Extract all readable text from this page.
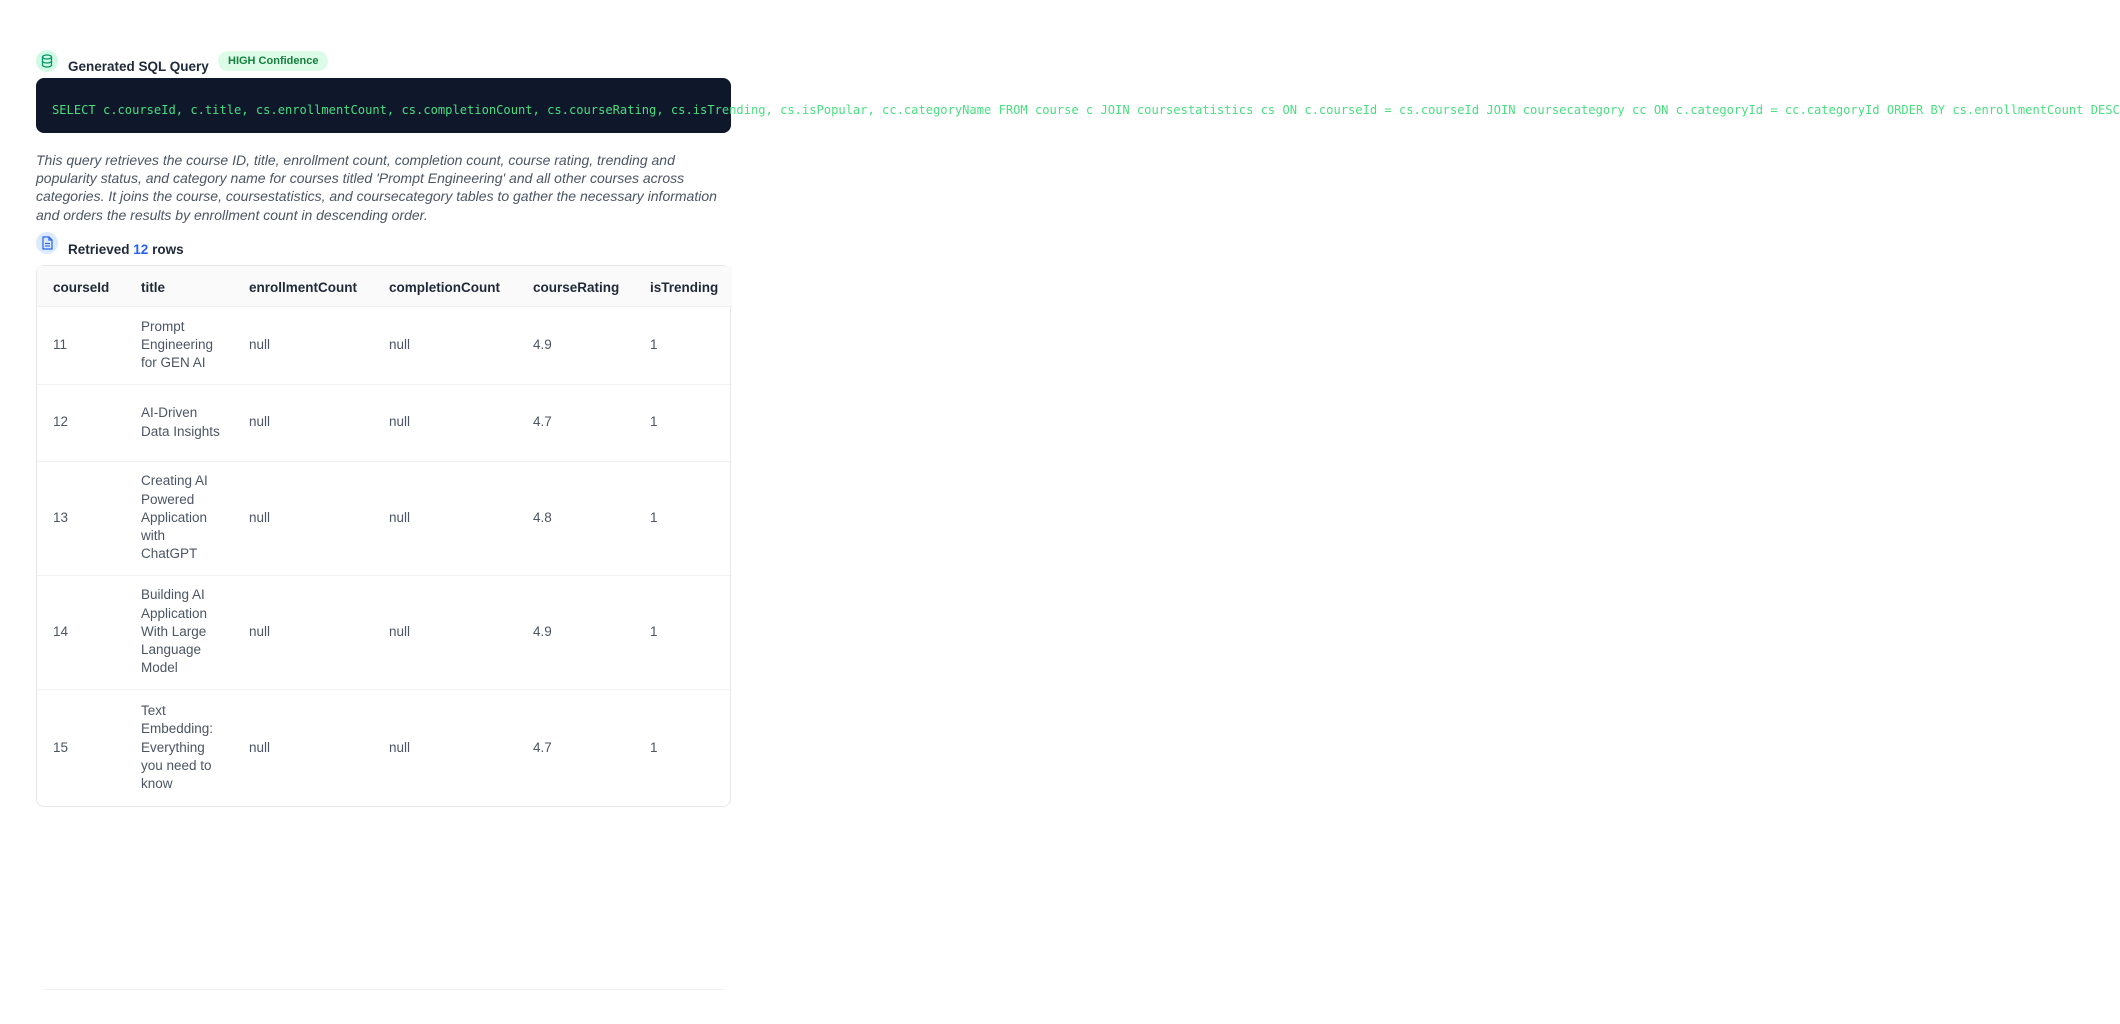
Generated SQL Query	HIGH Confidence
SELECT c.courseId, c.title, cs.enrollmentCount, cs.completionCount, cs.courseRating, cs.isTrending, cs.isPopular, cc.categoryName FROM course c JOIN coursestatistics cs ON c.courseId = cs.courseId JOIN coursecategory cc ON c.categoryId = cc.categoryId ORDER BY cs.enrollmentCount DESC

This query retrieves the course ID, title, enrollment count, completion count, course rating, trending and popularity status, and category name for courses titled 'Prompt Engineering' and all other courses across categories. It joins the course, coursestatistics, and coursecategory tables to gather the necessary information and orders the results by enrollment count in descending order.

Retrieved 12 rows
courseId	title	enrollmentCount	completionCount	courseRating	isTrending
11	Prompt Engineering for GEN AI	null	null	4.9	1
12	AI-Driven Data Insights	null	null	4.7	1
13	Creating AI Powered Application with ChatGPT	null	null	4.8	1
14	Building AI Application With Large Language Model	null	null	4.9	1
15	Text Embedding: Everything you need to know	null	null	4.7	1
